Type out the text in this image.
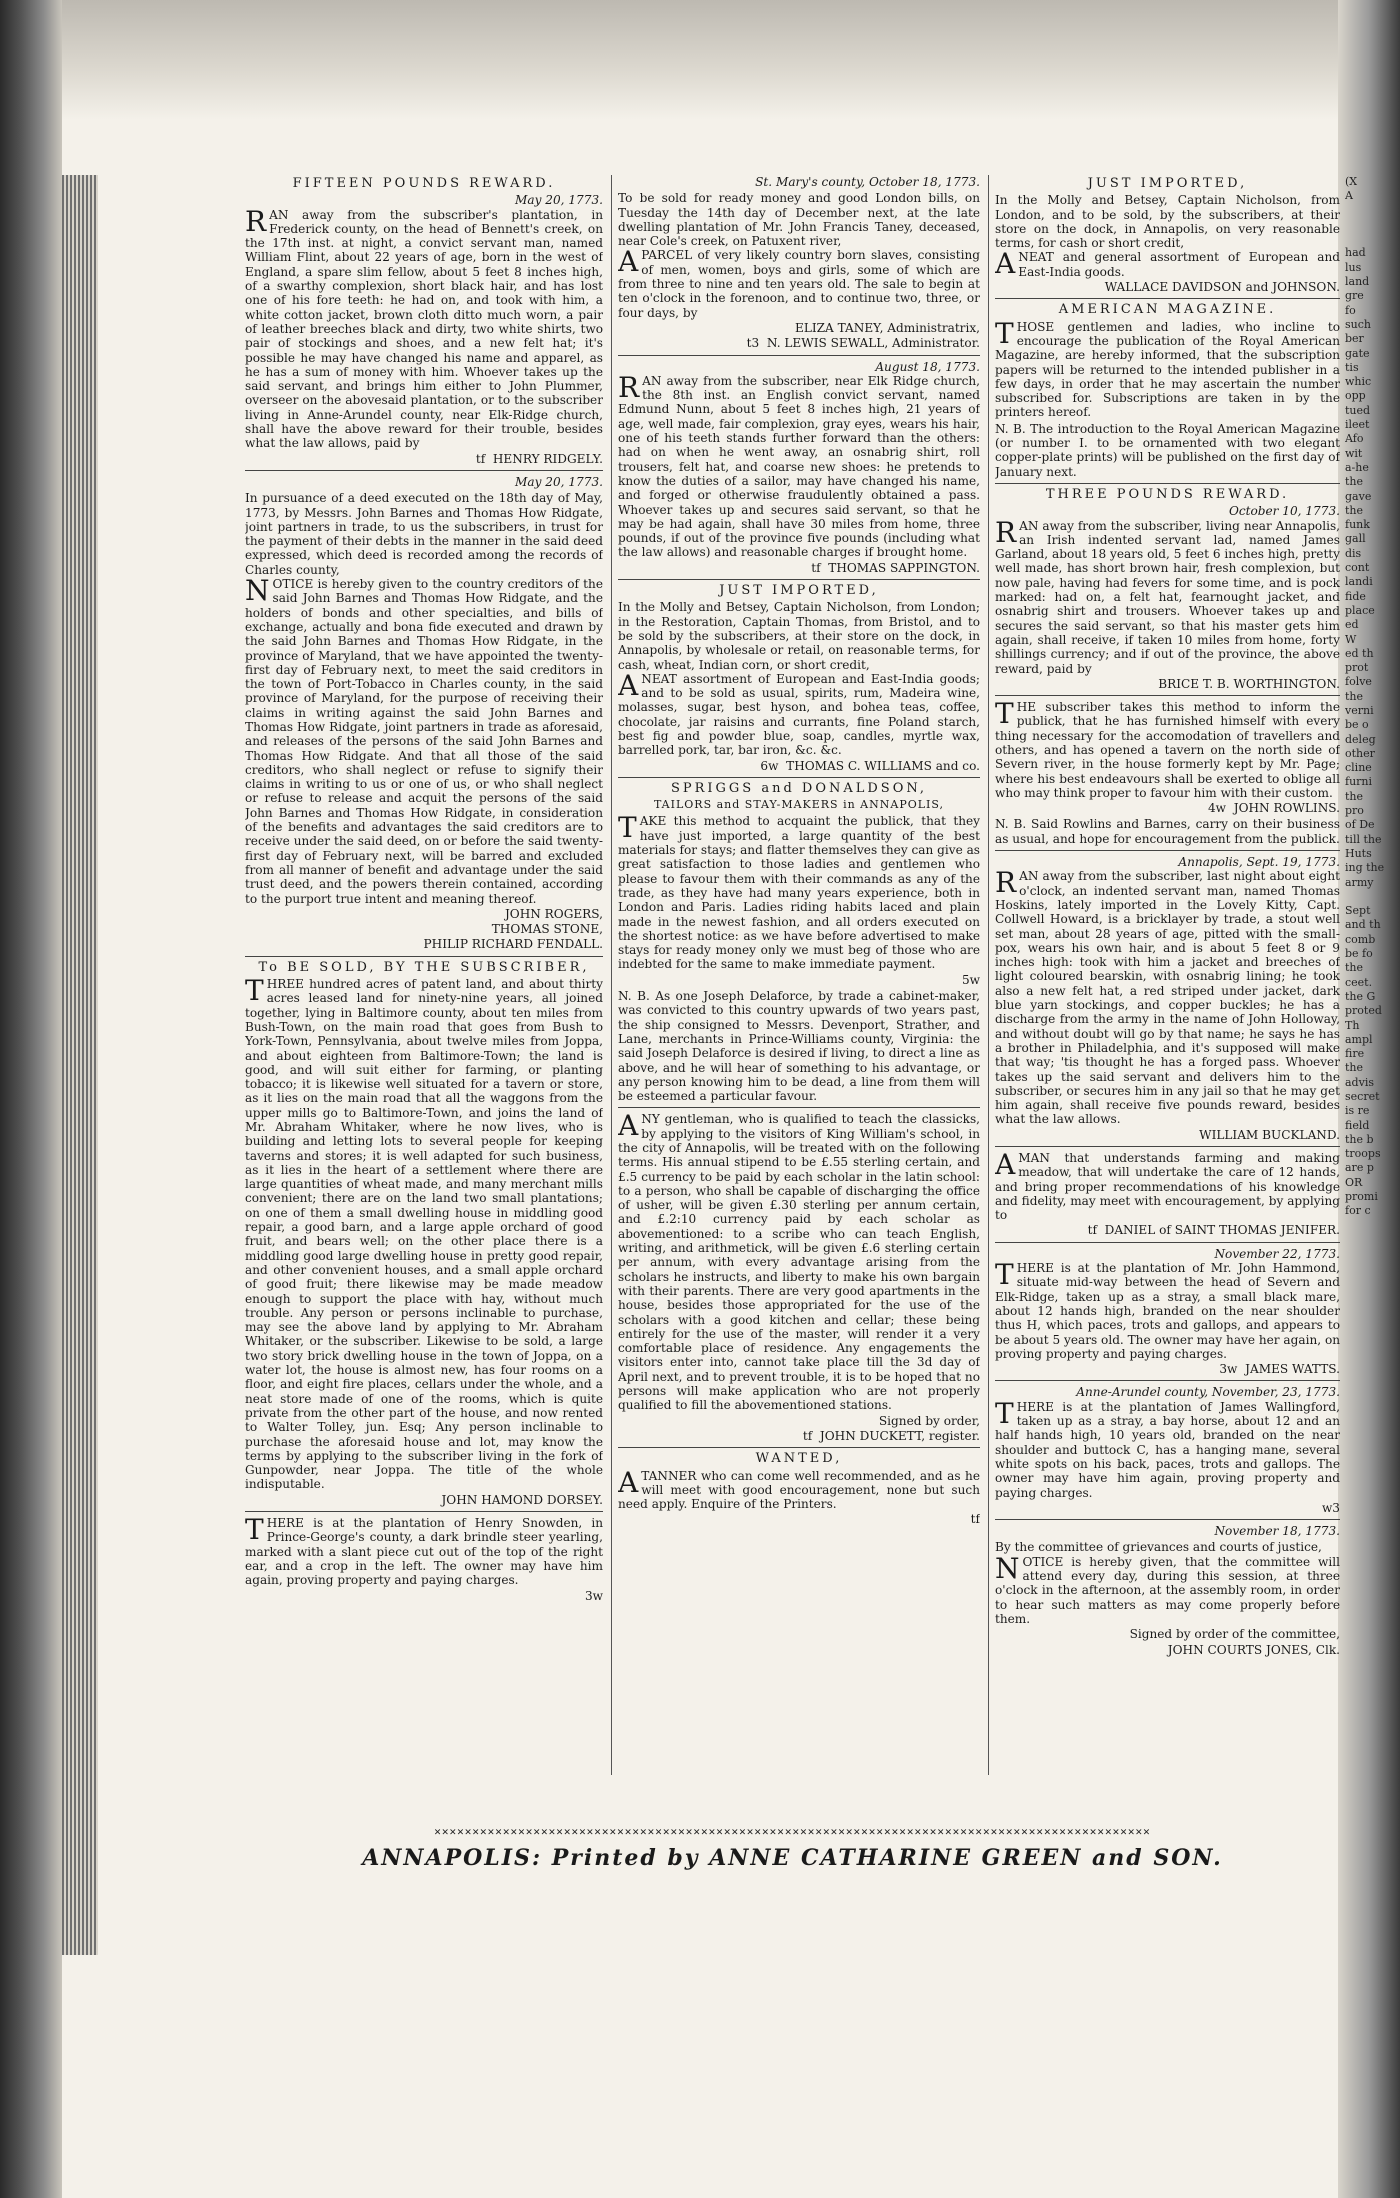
FIFTEEN POUNDS REWARD.

May 20, 1773.

RAN away from the subscriber's plantation, in Frederick county, on the head of Bennett's creek, on the 17th inst. at night, a convict servant man, named William Flint, about 22 years of age, born in the west of England, a spare slim fellow, about 5 feet 8 inches high, of a swarthy complexion, short black hair, and has lost one of his fore teeth: he had on, and took with him, a white cotton jacket, brown cloth ditto much worn, a pair of leather breeches black and dirty, two white shirts, two pair of stockings and shoes, and a new felt hat; it's possible he may have changed his name and apparel, as he has a sum of money with him. Whoever takes up the said servant, and brings him either to John Plummer, overseer on the abovesaid plantation, or to the subscriber living in Anne-Arundel county, near Elk-Ridge church, shall have the above reward for their trouble, besides what the law allows, paid by

tf HENRY RIDGELY.

May 20, 1773.

In pursuance of a deed executed on the 18th day of May, 1773, by Messrs. John Barnes and Thomas How Ridgate, joint partners in trade, to us the subscribers, in trust for the payment of their debts in the manner in the said deed expressed, which deed is recorded among the records of Charles county,

NOTICE is hereby given to the country creditors of the said John Barnes and Thomas How Ridgate, and the holders of bonds and other specialties, and bills of exchange, actually and bona fide executed and drawn by the said John Barnes and Thomas How Ridgate, in the province of Maryland, that we have appointed the twenty-first day of February next, to meet the said creditors in the town of Port-Tobacco in Charles county, in the said province of Maryland, for the purpose of receiving their claims in writing against the said John Barnes and Thomas How Ridgate, joint partners in trade as aforesaid, and releases of the persons of the said John Barnes and Thomas How Ridgate. And that all those of the said creditors, who shall neglect or refuse to signify their claims in writing to us or one of us, or who shall neglect or refuse to release and acquit the persons of the said John Barnes and Thomas How Ridgate, in consideration of the benefits and advantages the said creditors are to receive under the said deed, on or before the said twenty-first day of February next, will be barred and excluded from all manner of benefit and advantage under the said trust deed, and the powers therein contained, according to the purport true intent and meaning thereof.

JOHN ROGERS,

THOMAS STONE,

PHILIP RICHARD FENDALL.

To BE SOLD, BY THE SUBSCRIBER,

THREE hundred acres of patent land, and about thirty acres leased land for ninety-nine years, all joined together, lying in Baltimore county, about ten miles from Bush-Town, on the main road that goes from Bush to York-Town, Pennsylvania, about twelve miles from Joppa, and about eighteen from Baltimore-Town; the land is good, and will suit either for farming, or planting tobacco; it is likewise well situated for a tavern or store, as it lies on the main road that all the waggons from the upper mills go to Baltimore-Town, and joins the land of Mr. Abraham Whitaker, where he now lives, who is building and letting lots to several people for keeping taverns and stores; it is well adapted for such business, as it lies in the heart of a settlement where there are large quantities of wheat made, and many merchant mills convenient; there are on the land two small plantations; on one of them a small dwelling house in middling good repair, a good barn, and a large apple orchard of good fruit, and bears well; on the other place there is a middling good large dwelling house in pretty good repair, and other convenient houses, and a small apple orchard of good fruit; there likewise may be made meadow enough to support the place with hay, without much trouble. Any person or persons inclinable to purchase, may see the above land by applying to Mr. Abraham Whitaker, or the subscriber. Likewise to be sold, a large two story brick dwelling house in the town of Joppa, on a water lot, the house is almost new, has four rooms on a floor, and eight fire places, cellars under the whole, and a neat store made of one of the rooms, which is quite private from the other part of the house, and now rented to Walter Tolley, jun. Esq; Any person inclinable to purchase the aforesaid house and lot, may know the terms by applying to the subscriber living in the fork of Gunpowder, near Joppa. The title of the whole indisputable.

JOHN HAMOND DORSEY.

THERE is at the plantation of Henry Snowden, in Prince-George's county, a dark brindle steer yearling, marked with a slant piece cut out of the top of the right ear, and a crop in the left. The owner may have him again, proving property and paying charges.

3w

St. Mary's county, October 18, 1773.

To be sold for ready money and good London bills, on Tuesday the 14th day of December next, at the late dwelling plantation of Mr. John Francis Taney, deceased, near Cole's creek, on Patuxent river,

APARCEL of very likely country born slaves, consisting of men, women, boys and girls, some of which are from three to nine and ten years old. The sale to begin at ten o'clock in the forenoon, and to continue two, three, or four days, by

ELIZA TANEY, Administratrix,

t3 N. LEWIS SEWALL, Administrator.

August 18, 1773.

RAN away from the subscriber, near Elk Ridge church, the 8th inst. an English convict servant, named Edmund Nunn, about 5 feet 8 inches high, 21 years of age, well made, fair complexion, gray eyes, wears his hair, one of his teeth stands further forward than the others: had on when he went away, an osnabrig shirt, roll trousers, felt hat, and coarse new shoes: he pretends to know the duties of a sailor, may have changed his name, and forged or otherwise fraudulently obtained a pass. Whoever takes up and secures said servant, so that he may be had again, shall have 30 miles from home, three pounds, if out of the province five pounds (including what the law allows) and reasonable charges if brought home.

tf THOMAS SAPPINGTON.

JUST IMPORTED,

In the Molly and Betsey, Captain Nicholson, from London; in the Restoration, Captain Thomas, from Bristol, and to be sold by the subscribers, at their store on the dock, in Annapolis, by wholesale or retail, on reasonable terms, for cash, wheat, Indian corn, or short credit,

ANEAT assortment of European and East-India goods; and to be sold as usual, spirits, rum, Madeira wine, molasses, sugar, best hyson, and bohea teas, coffee, chocolate, jar raisins and currants, fine Poland starch, best fig and powder blue, soap, candles, myrtle wax, barrelled pork, tar, bar iron, &c. &c.

6w THOMAS C. WILLIAMS and co.

SPRIGGS and DONALDSON,
TAILORS and STAY-MAKERS in ANNAPOLIS,

TAKE this method to acquaint the publick, that they have just imported, a large quantity of the best materials for stays; and flatter themselves they can give as great satisfaction to those ladies and gentlemen who please to favour them with their commands as any of the trade, as they have had many years experience, both in London and Paris. Ladies riding habits laced and plain made in the newest fashion, and all orders executed on the shortest notice: as we have before advertised to make stays for ready money only we must beg of those who are indebted for the same to make immediate payment.

5w

N. B. As one Joseph Delaforce, by trade a cabinet-maker, was convicted to this country upwards of two years past, the ship consigned to Messrs. Devenport, Strather, and Lane, merchants in Prince-Williams county, Virginia: the said Joseph Delaforce is desired if living, to direct a line as above, and he will hear of something to his advantage, or any person knowing him to be dead, a line from them will be esteemed a particular favour.

ANY gentleman, who is qualified to teach the classicks, by applying to the visitors of King William's school, in the city of Annapolis, will be treated with on the following terms. His annual stipend to be £.55 sterling certain, and £.5 currency to be paid by each scholar in the latin school: to a person, who shall be capable of discharging the office of usher, will be given £.30 sterling per annum certain, and £.2:10 currency paid by each scholar as abovementioned: to a scribe who can teach English, writing, and arithmetick, will be given £.6 sterling certain per annum, with every advantage arising from the scholars he instructs, and liberty to make his own bargain with their parents. There are very good apartments in the house, besides those appropriated for the use of the scholars with a good kitchen and cellar; these being entirely for the use of the master, will render it a very comfortable place of residence. Any engagements the visitors enter into, cannot take place till the 3d day of April next, and to prevent trouble, it is to be hoped that no persons will make application who are not properly qualified to fill the abovementioned stations.

Signed by order,

tf JOHN DUCKETT, register.

WANTED,

ATANNER who can come well recommended, and as he will meet with good encouragement, none but such need apply. Enquire of the Printers.

tf

JUST IMPORTED,

In the Molly and Betsey, Captain Nicholson, from London, and to be sold, by the subscribers, at their store on the dock, in Annapolis, on very reasonable terms, for cash or short credit,

ANEAT and general assortment of European and East-India goods.

WALLACE DAVIDSON and JOHNSON.

AMERICAN MAGAZINE.

THOSE gentlemen and ladies, who incline to encourage the publication of the Royal American Magazine, are hereby informed, that the subscription papers will be returned to the intended publisher in a few days, in order that he may ascertain the number subscribed for. Subscriptions are taken in by the printers hereof.

N. B. The introduction to the Royal American Magazine (or number I. to be ornamented with two elegant copper-plate prints) will be published on the first day of January next.

THREE POUNDS REWARD.

October 10, 1773.

RAN away from the subscriber, living near Annapolis, an Irish indented servant lad, named James Garland, about 18 years old, 5 feet 6 inches high, pretty well made, has short brown hair, fresh complexion, but now pale, having had fevers for some time, and is pock marked: had on, a felt hat, fearnought jacket, and osnabrig shirt and trousers. Whoever takes up and secures the said servant, so that his master gets him again, shall receive, if taken 10 miles from home, forty shillings currency; and if out of the province, the above reward, paid by

BRICE T. B. WORTHINGTON.

THE subscriber takes this method to inform the publick, that he has furnished himself with every thing necessary for the accomodation of travellers and others, and has opened a tavern on the north side of Severn river, in the house formerly kept by Mr. Page; where his best endeavours shall be exerted to oblige all who may think proper to favour him with their custom.

4w JOHN ROWLINS.

N. B. Said Rowlins and Barnes, carry on their business as usual, and hope for encouragement from the publick.

Annapolis, Sept. 19, 1773.

RAN away from the subscriber, last night about eight o'clock, an indented servant man, named Thomas Hoskins, lately imported in the Lovely Kitty, Capt. Collwell Howard, is a bricklayer by trade, a stout well set man, about 28 years of age, pitted with the small-pox, wears his own hair, and is about 5 feet 8 or 9 inches high: took with him a jacket and breeches of light coloured bearskin, with osnabrig lining; he took also a new felt hat, a red striped under jacket, dark blue yarn stockings, and copper buckles; he has a discharge from the army in the name of John Holloway, and without doubt will go by that name; he says he has a brother in Philadelphia, and it's supposed will make that way; 'tis thought he has a forged pass. Whoever takes up the said servant and delivers him to the subscriber, or secures him in any jail so that he may get him again, shall receive five pounds reward, besides what the law allows.

WILLIAM BUCKLAND.

AMAN that understands farming and making meadow, that will undertake the care of 12 hands, and bring proper recommendations of his knowledge and fidelity, may meet with encouragement, by applying to

tf DANIEL of SAINT THOMAS JENIFER.

November 22, 1773.

THERE is at the plantation of Mr. John Hammond, situate mid-way between the head of Severn and Elk-Ridge, taken up as a stray, a small black mare, about 12 hands high, branded on the near shoulder thus H, which paces, trots and gallops, and appears to be about 5 years old. The owner may have her again, on proving property and paying charges.

3w JAMES WATTS.

Anne-Arundel county, November, 23, 1773.

THERE is at the plantation of James Wallingford, taken up as a stray, a bay horse, about 12 and an half hands high, 10 years old, branded on the near shoulder and buttock C, has a hanging mane, several white spots on his back, paces, trots and gallops. The owner may have him again, proving property and paying charges.

w3

November 18, 1773.

By the committee of grievances and courts of justice,

NOTICE is hereby given, that the committee will attend every day, during this session, at three o'clock in the afternoon, at the assembly room, in order to hear such matters as may come properly before them.

Signed by order of the committee,

JOHN COURTS JONES, Clk.

✕✕✕✕✕✕✕✕✕✕✕✕✕✕✕✕✕✕✕✕✕✕✕✕✕✕✕✕✕✕✕✕✕✕✕✕✕✕✕✕✕✕✕✕✕✕✕✕✕✕✕✕✕✕✕✕✕✕✕✕✕✕✕✕✕✕✕✕✕✕✕✕✕✕✕✕✕✕✕✕✕✕✕✕✕✕✕✕✕✕✕✕✕✕
ANNAPOLIS: Printed by ANNE CATHARINE GREEN and SON.
(X
A

had
lus
land
gre
fo
such
ber
gate
tis
whic
opp
tued
ileet
Afo
wit
a-he
the
gave
the
funk
gall
dis
cont
landi
fide
place
ed
W
ed th
prot
folve
the
verni
be o
deleg
other
cline
furni
the
pro
of De
till the
Huts
ing the
army

Sept
and th
comb
be fo
the
ceet.
the G
proted
Th
ampl
fire
the
advis
secret
is re
field
the b
troops
are p
OR
promi
for c
